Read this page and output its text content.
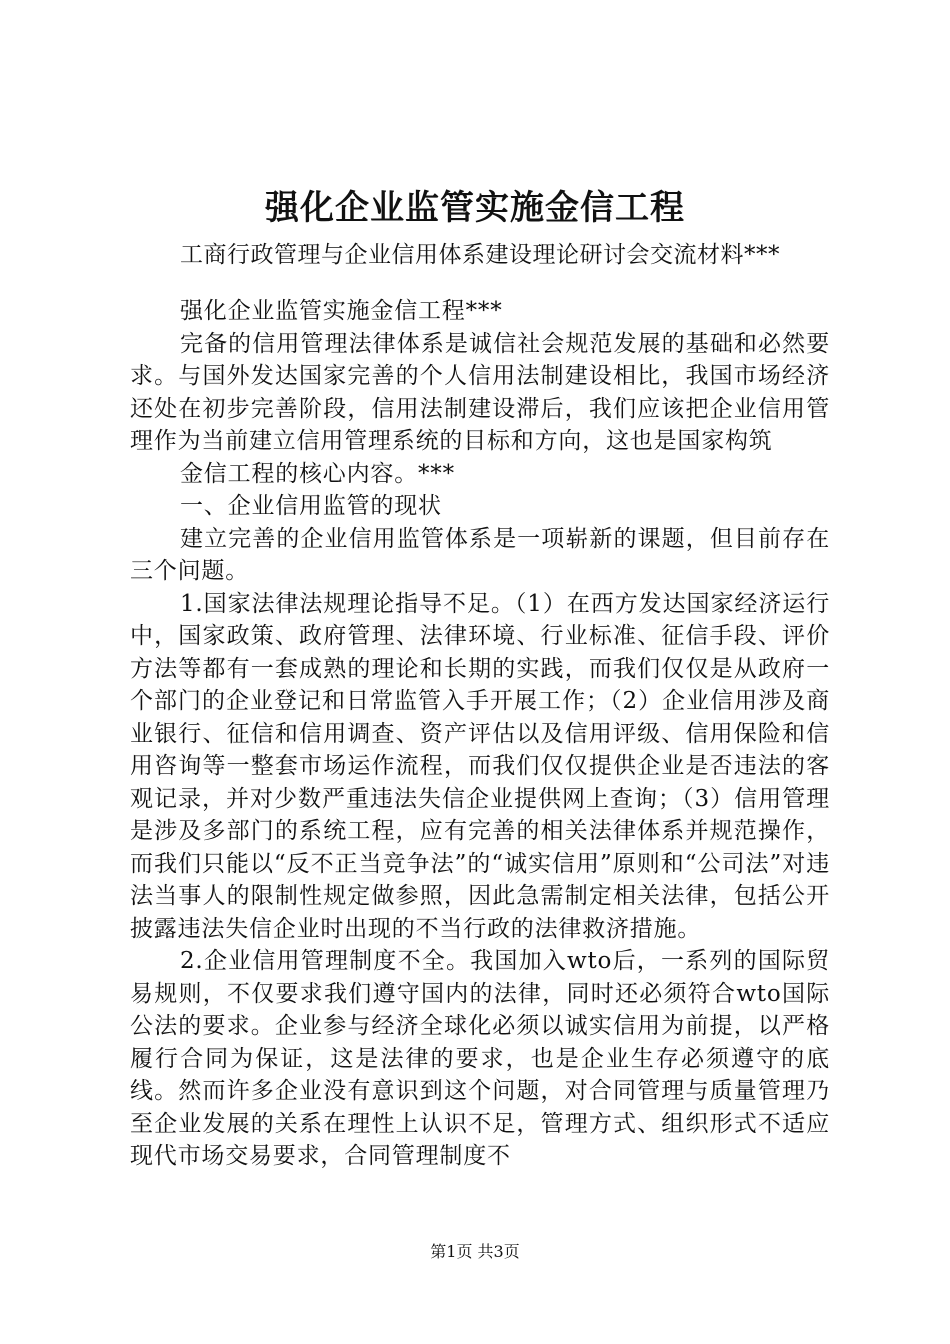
强化企业监管实施金信工程
工商行政管理与企业信用体系建设理论研讨会交流材料***

强化企业监管实施金信工程***

完备的信用管理法律体系是诚信社会规范发展的基础和必然要求。与国外发达国家完善的个人信用法制建设相比，我国市场经济还处在初步完善阶段，信用法制建设滞后，我们应该把企业信用管理作为当前建立信用管理系统的目标和方向，这也是国家构筑

金信工程的核心内容。***

一、企业信用监管的现状

建立完善的企业信用监管体系是一项崭新的课题，但目前存在三个问题。

1.国家法律法规理论指导不足。（1）在西方发达国家经济运行中，国家政策、政府管理、法律环境、行业标准、征信手段、评价方法等都有一套成熟的理论和长期的实践，而我们仅仅是从政府一个部门的企业登记和日常监管入手开展工作；（2）企业信用涉及商业银行、征信和信用调查、资产评估以及信用评级、信用保险和信用咨询等一整套市场运作流程，而我们仅仅提供企业是否违法的客观记录，并对少数严重违法失信企业提供网上查询；（3）信用管理是涉及多部门的系统工程，应有完善的相关法律体系并规范操作，而我们只能以“反不正当竞争法”的“诚实信用”原则和“公司法”对违法当事人的限制性规定做参照，因此急需制定相关法律，包括公开披露违法失信企业时出现的不当行政的法律救济措施。

2.企业信用管理制度不全。我国加入wto后，一系列的国际贸易规则，不仅要求我们遵守国内的法律，同时还必须符合wto国际公法的要求。企业参与经济全球化必须以诚实信用为前提，以严格履行合同为保证，这是法律的要求，也是企业生存必须遵守的底线。然而许多企业没有意识到这个问题，对合同管理与质量管理乃至企业发展的关系在理性上认识不足，管理方式、组织形式不适应现代市场交易要求，合同管理制度不

第1页 共3页
